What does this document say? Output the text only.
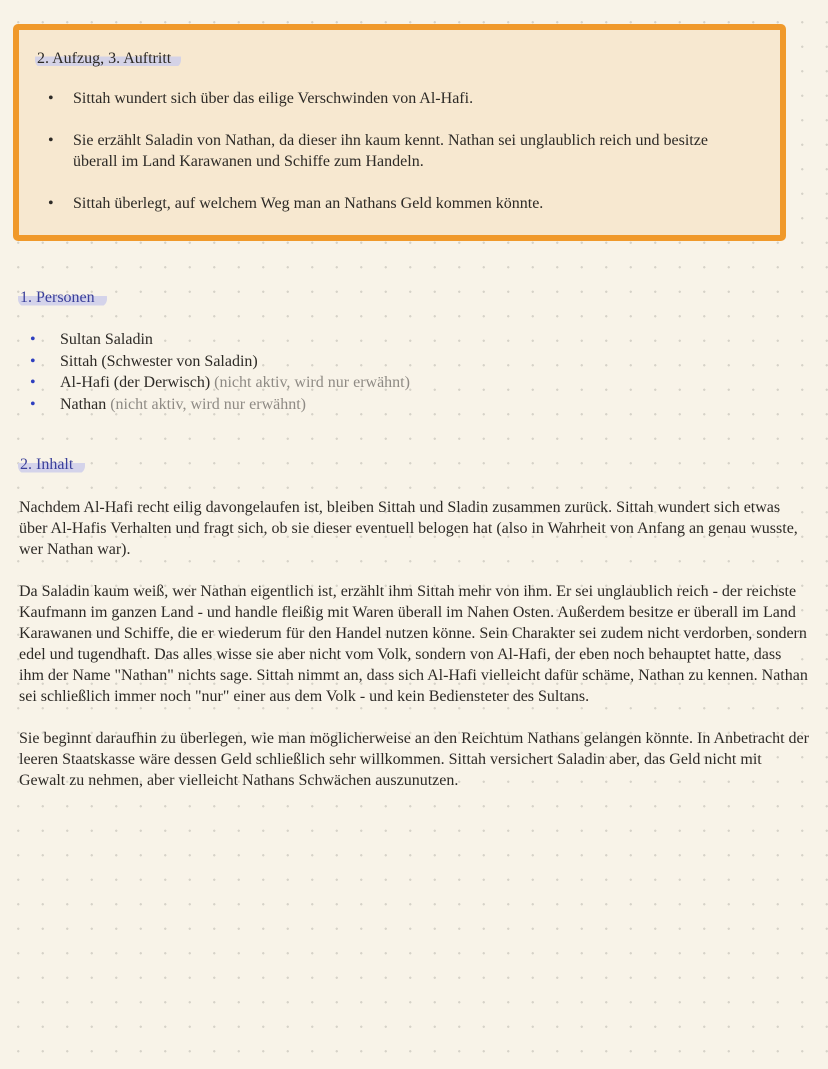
2. Aufzug, 3. Auftritt
• Sittah wundert sich über das eilige Verschwinden von Al-Hafi.
• Sie erzählt Saladin von Nathan, da dieser ihn kaum kennt. Nathan sei unglaublich reich und besitze überall im Land Karawanen und Schiffe zum Handeln.
• Sittah überlegt, auf welchem Weg man an Nathans Geld kommen könnte.
1. Personen
• Sultan Saladin
• Sittah (Schwester von Saladin)
• Al-Hafi (der Derwisch) (nicht aktiv, wird nur erwähnt)
• Nathan (nicht aktiv, wird nur erwähnt)
2. Inhalt

Nachdem Al-Hafi recht eilig davongelaufen ist, bleiben Sittah und Sladin zusammen zurück. Sittah wundert sich etwas über Al-Hafis Verhalten und fragt sich, ob sie dieser eventuell belogen hat (also in Wahrheit von Anfang an genau wusste, wer Nathan war).

Da Saladin kaum weiß, wer Nathan eigentlich ist, erzählt ihm Sittah mehr von ihm. Er sei unglaublich reich - der reichste Kaufmann im ganzen Land - und handle fleißig mit Waren überall im Nahen Osten. Außerdem besitze er überall im Land Karawanen und Schiffe, die er wiederum für den Handel nutzen könne. Sein Charakter sei zudem nicht verdorben, sondern edel und tugendhaft. Das alles wisse sie aber nicht vom Volk, sondern von Al-Hafi, der eben noch behauptet hatte, dass ihm der Name "Nathan" nichts sage. Sittah nimmt an, dass sich Al-Hafi vielleicht dafür schäme, Nathan zu kennen. Nathan sei schließlich immer noch "nur" einer aus dem Volk - und kein Bediensteter des Sultans.

Sie beginnt daraufhin zu überlegen, wie man möglicherweise an den Reichtum Nathans gelangen könnte. In Anbetracht der leeren Staatskasse wäre dessen Geld schließlich sehr willkommen. Sittah versichert Saladin aber, das Geld nicht mit Gewalt zu nehmen, aber vielleicht Nathans Schwächen auszunutzen.
